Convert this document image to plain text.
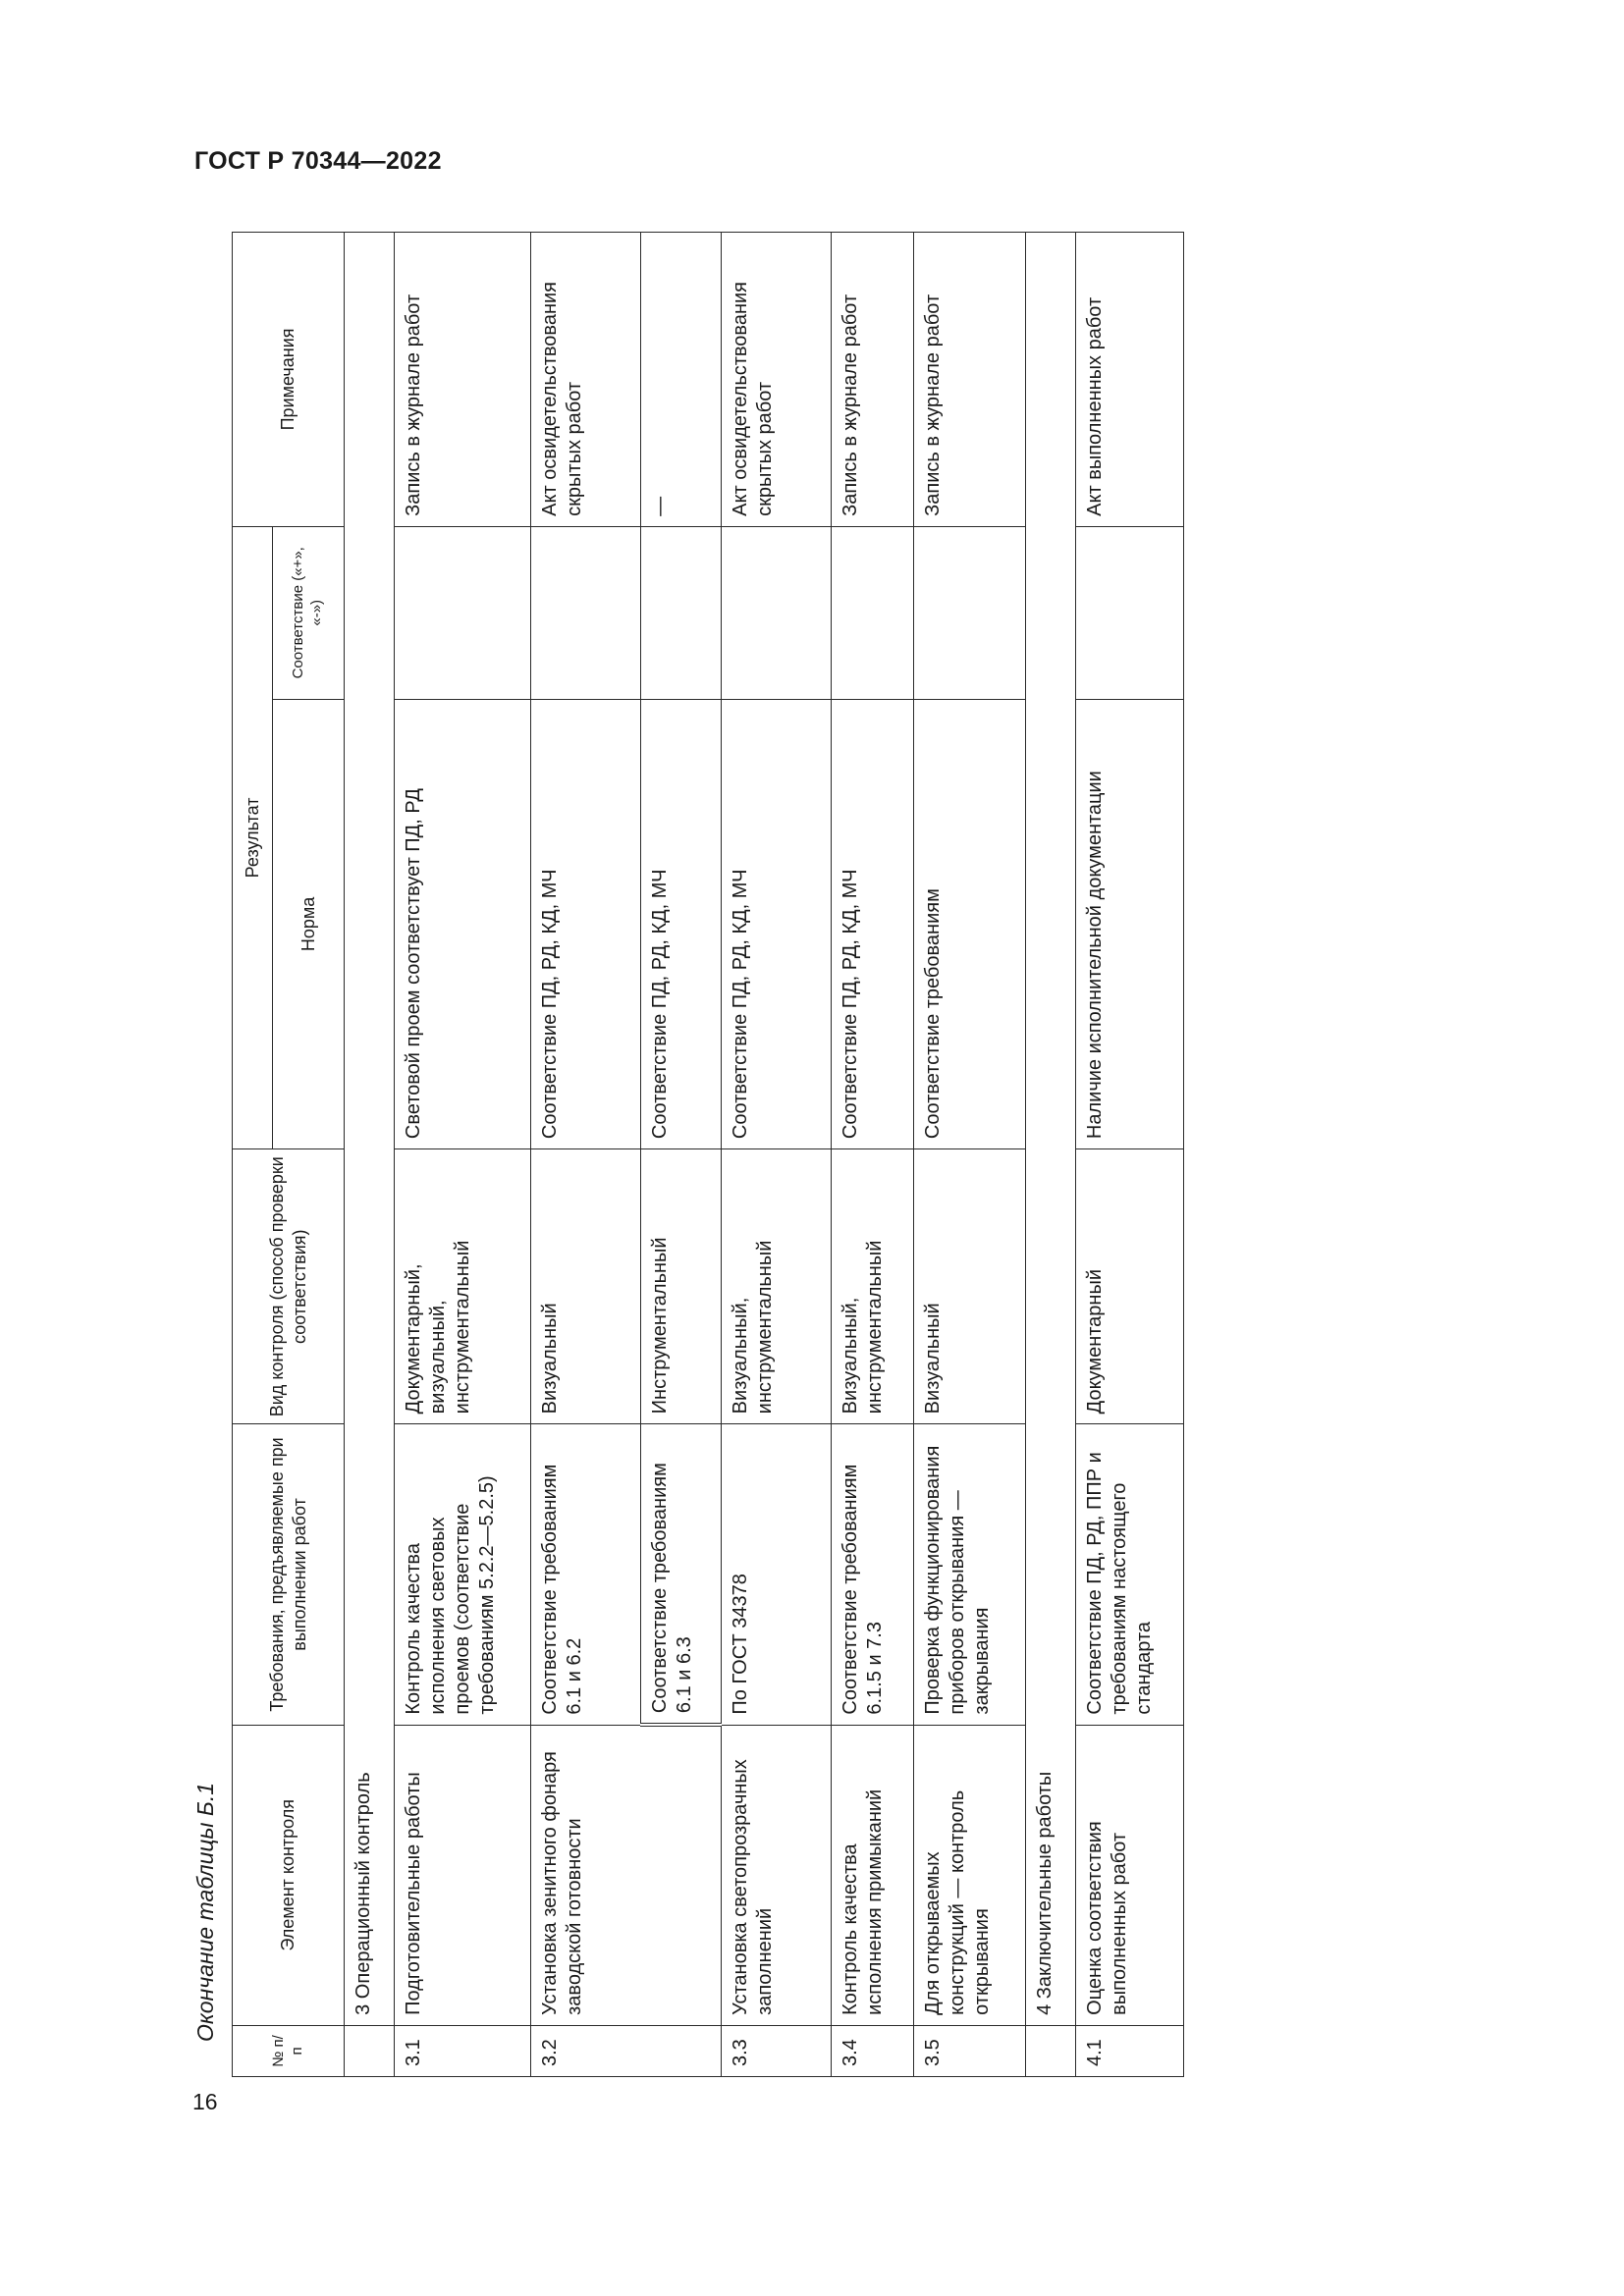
ГОСТ Р 70344—2022
Окончание таблицы Б.1
16
№ п/п	Элемент контроля	Требования, предъявляемые при выполнении работ	Вид контроля (способ проверки соответствия)	Результат		Примечания
				Норма	Соответствие («+», «-»)	
	3 Операционный контроль					
3.1	Подготовительные работы	Контроль качества исполнения световых проемов (соответствие требованиям 5.2.2—5.2.5)	Документарный, визуальный, инструментальный	Световой проем соответствует ПД, РД		Запись в журнале работ
3.2	Установка зенитного фонаря заводской готовности	Соответствие требованиям 6.1 и 6.2	Визуальный	Соответствие ПД, РД, КД, МЧ		Акт освидетельствования скрытых работ
		Соответствие требованиям 6.1 и 6.3	Инструментальный	Соответствие ПД, РД, КД, МЧ		—
3.3	Установка светопрозрачных заполнений	По ГОСТ 34378	Визуальный, инструментальный	Соответствие ПД, РД, КД, МЧ		Акт освидетельствования скрытых работ
3.4	Контроль качества исполнения примыканий	Соответствие требованиям 6.1.5 и 7.3	Визуальный, инструментальный	Соответствие ПД, РД, КД, МЧ		Запись в журнале работ
3.5	Для открываемых конструкций — контроль открывания	Проверка функционирования приборов открывания — закрывания	Визуальный	Соответствие требованиям		Запись в журнале работ
	4 Заключительные работы					
4.1	Оценка соответствия выполненных работ	Соответствие ПД, РД, ППР и требованиям настоящего стандарта	Документарный	Наличие исполнительной документации		Акт выполненных работ
